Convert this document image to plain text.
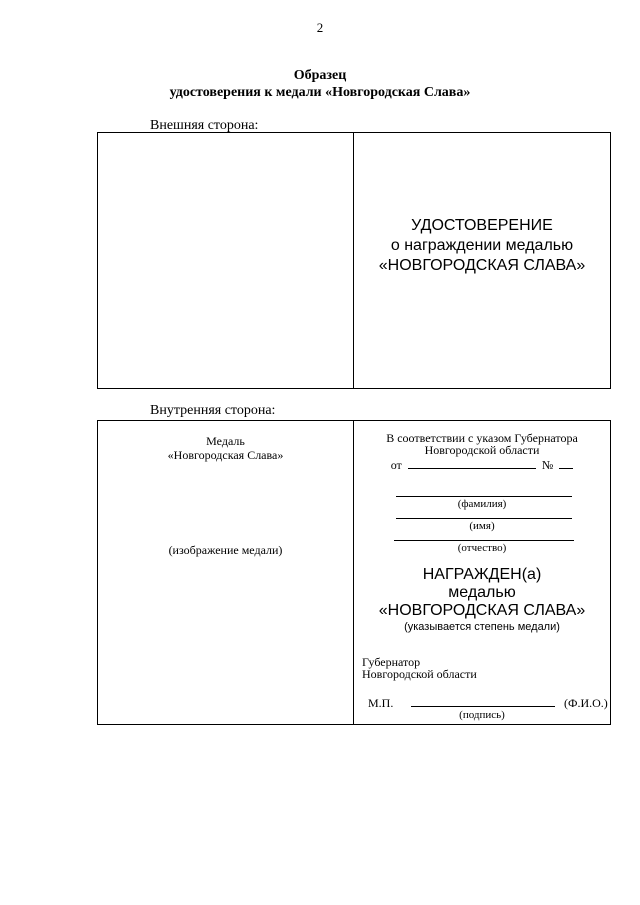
2
Образец
удостоверения к медали «Новгородская Слава»
Внешняя сторона:
УДОСТОВЕРЕНИЕ
о награждении медалью
«НОВГОРОДСКАЯ СЛАВА»
Внутренняя сторона:
Медаль
«Новгородская Слава»
(изображение медали)
В соответствии с указом Губернатора
Новгородской области
от	№
(фамилия)
(имя)
(отчество)
НАГРАЖДЕН(а)
медалью
«НОВГОРОДСКАЯ СЛАВА»
(указывается степень медали)
Губернатор
Новгородской области
М.П.	(Ф.И.О.)
(подпись)
